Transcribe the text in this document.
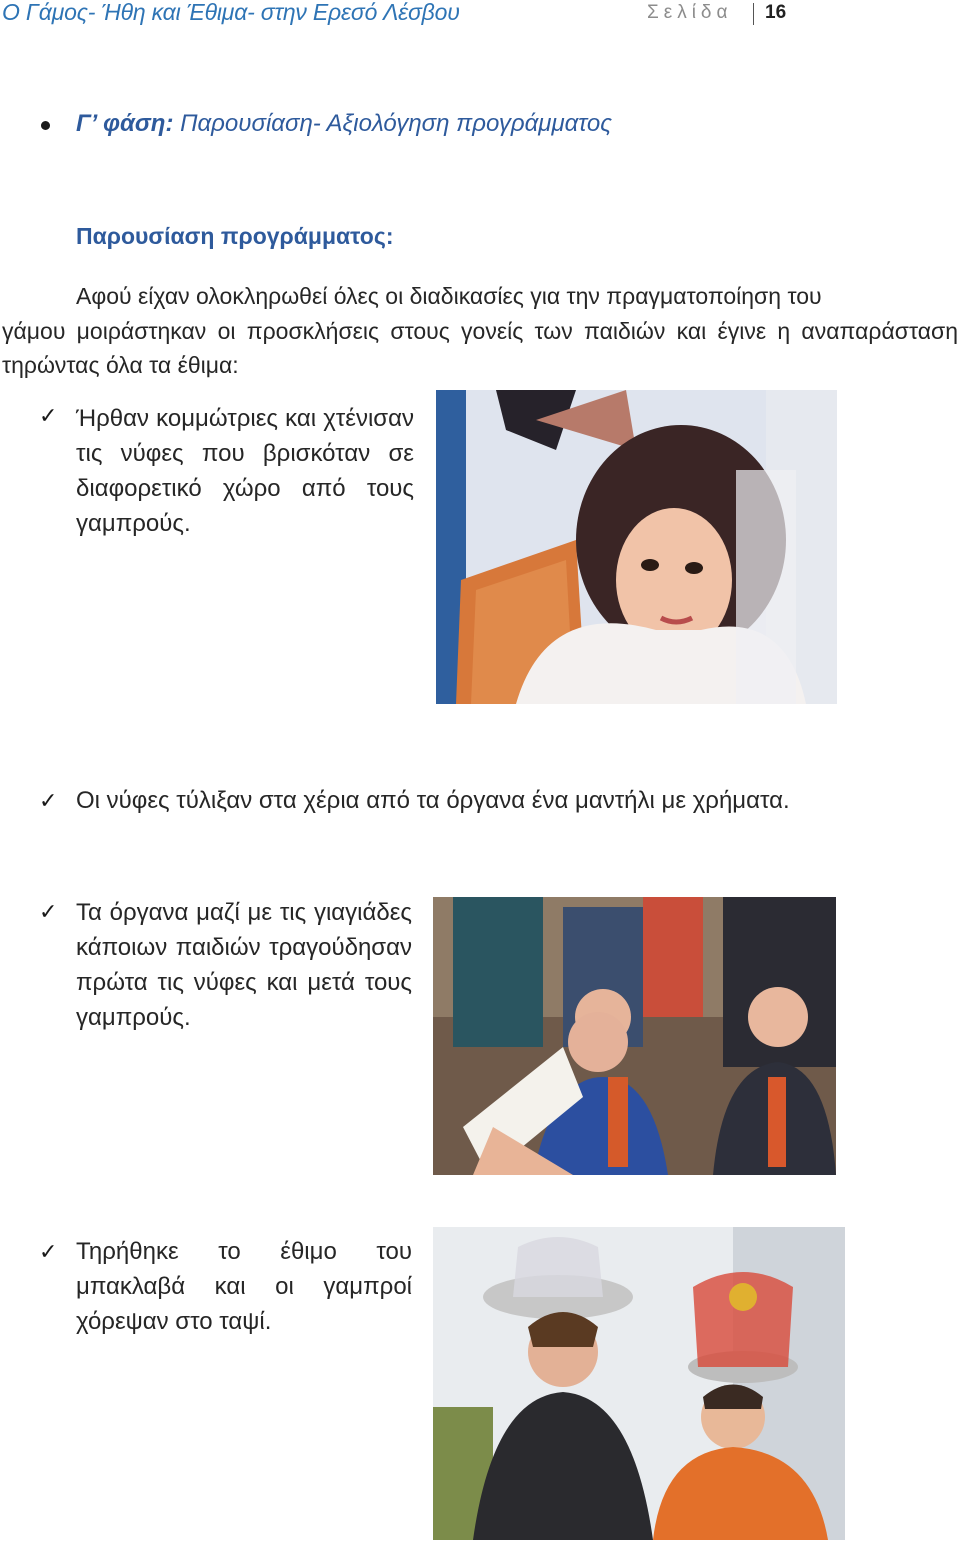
Ο Γάμος- Ήθη και Έθιμα- στην Ερεσό Λέσβου	Σελίδα 16
Γ’ φάση: Παρουσίαση- Αξιολόγηση προγράμματος
Παρουσίαση προγράμματος:
Αφού είχαν ολοκληρωθεί όλες οι διαδικασίες για την πραγματοποίηση του
γάμου μοιράστηκαν οι προσκλήσεις στους γονείς των παιδιών και έγινε η αναπαράσταση τηρώντας όλα τα έθιμα:
✓ Ήρθαν κομμώτριες και χτένισαν τις νύφες που βρισκόταν σε διαφορετικό χώρο από τους γαμπρούς.
✓ Οι νύφες τύλιξαν στα χέρια από τα όργανα ένα μαντήλι με χρήματα.
✓ Τα όργανα μαζί με τις γιαγιάδες κάποιων παιδιών τραγούδησαν πρώτα τις νύφες και μετά τους γαμπρούς.
✓ Τηρήθηκε το έθιμο του μπακλαβά και οι γαμπροί χόρεψαν στο ταψί.
